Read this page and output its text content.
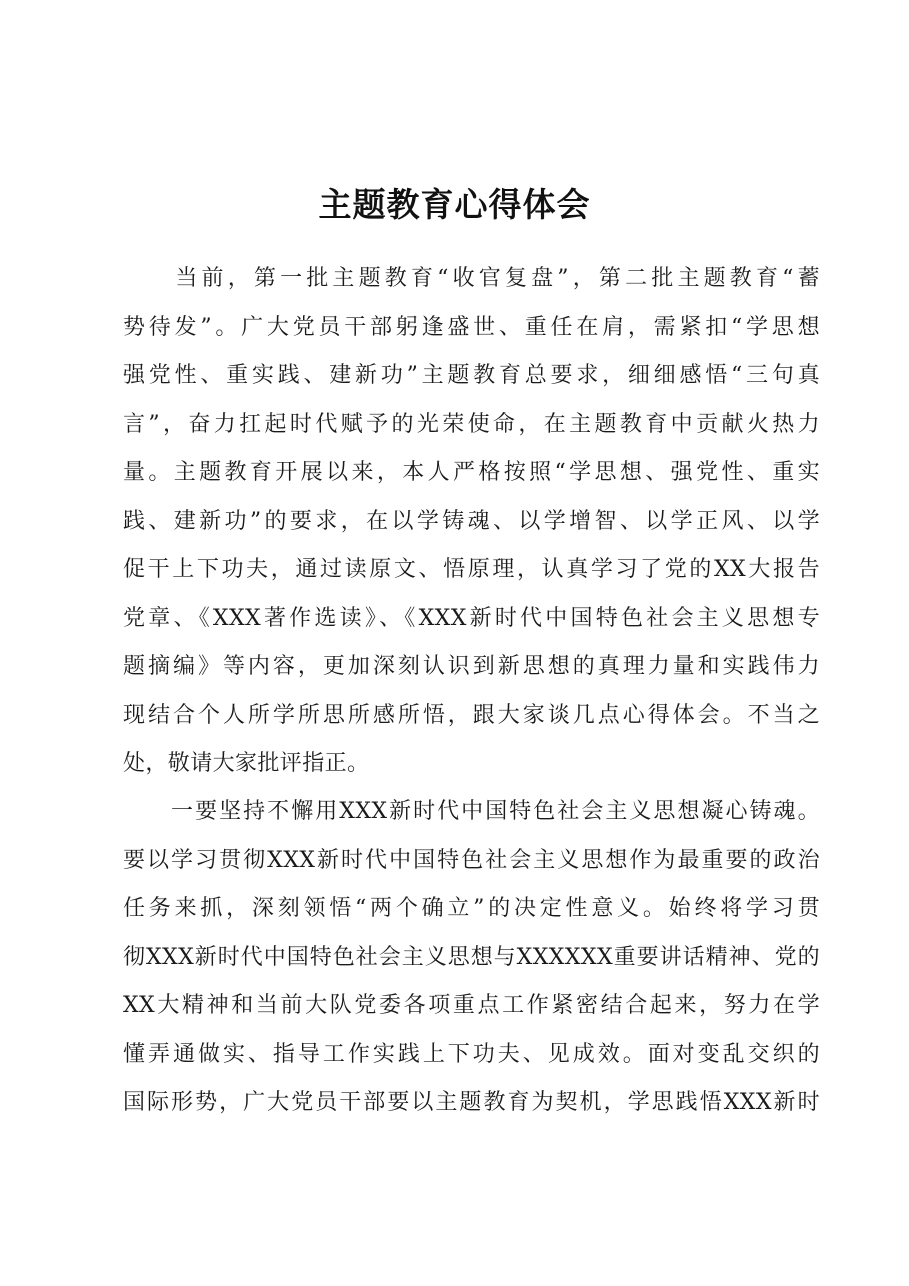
主题教育心得体会
　　当前，第一批主题教育“收官复盘”，第二批主题教育“蓄
势待发”。广大党员干部躬逢盛世、重任在肩，需紧扣“学思想
强党性、重实践、建新功”主题教育总要求，细细感悟“三句真
言”，奋力扛起时代赋予的光荣使命，在主题教育中贡献火热力
量。主题教育开展以来，本人严格按照“学思想、强党性、重实
践、建新功”的要求，在以学铸魂、以学增智、以学正风、以学
促干上下功夫，通过读原文、悟原理，认真学习了党的XX大报告
党章、《XXX著作选读》、《XXX新时代中国特色社会主义思想专
题摘编》等内容，更加深刻认识到新思想的真理力量和实践伟力
现结合个人所学所思所感所悟，跟大家谈几点心得体会。不当之
处，敬请大家批评指正。
　　一要坚持不懈用XXX新时代中国特色社会主义思想凝心铸魂。
要以学习贯彻XXX新时代中国特色社会主义思想作为最重要的政治
任务来抓，深刻领悟“两个确立”的决定性意义。始终将学习贯
彻XXX新时代中国特色社会主义思想与XXXXXX重要讲话精神、党的
XX大精神和当前大队党委各项重点工作紧密结合起来，努力在学
懂弄通做实、指导工作实践上下功夫、见成效。面对变乱交织的
国际形势，广大党员干部要以主题教育为契机，学思践悟XXX新时
